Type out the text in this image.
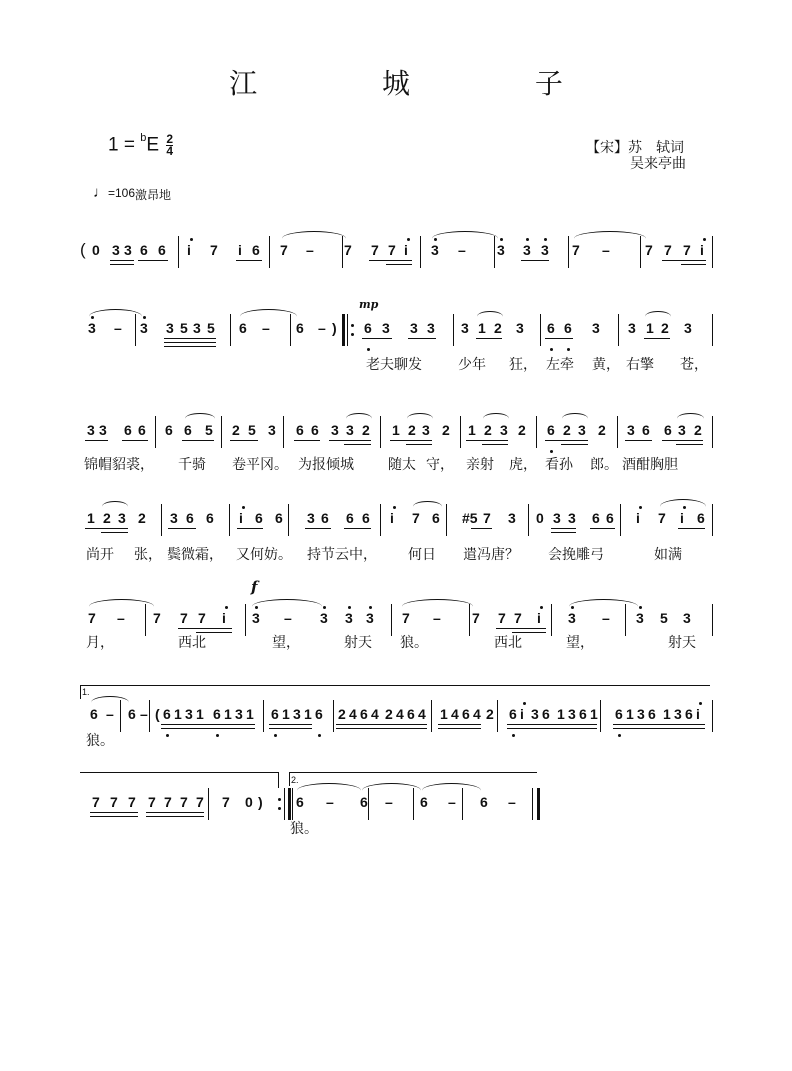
江 城 子
$1 = ^bE \frac{2}{4}$	【宋】苏　轼词
吴来亭曲
♩=106 激昂地
mp
f
1.
2.
0 3 3 6 6 i 7 i 6 7 – 7 7 7 i 3 – 3 3 3 7 –	7 7 7 i
(
3 – 3 3 5 3 5 6 – 6 – ) 6 3 3 3 3 1 2 3 6 6 3 3 1 2 3
老夫聊发	少年 狂， 左牵 黄， 右擎 苍，
3 3 6 6 6 6 5 2 5 3 6 6 3 3 2 1 2 3 2 1 2 3 2 6 2 3 2 3 6 6 3 2
锦帽貂裘， 千骑 卷平冈。 为报倾城 随太 守， 亲射 虎， 看孙 郎。 酒酣胸胆
1 2 3 2 3 6 6 i 6 6 3 6 6 6 i 7 6 #5 7 3 0 3 3 6 6 i 7 i 6
尚开 张， 鬓微霜， 又何妨。 持节云中， 何日 遣冯唐？ 会挽雕弓	如满
7 – 7 7 7 i 3 – 3 3 3 7 – 7 7 7 i 3 – 3 5 3
月，	西北	望，	射天 狼。	西北	望，	射天
6 – 6 – ( 6 1 3 1 6 1 3 1 6 1 3 1 6 2 4 6 4 2 4 6 4 1 4 6 4 2 6 i 3 6 1 3 6 1 6 1 3 6 1 3 6 i
狼。
7 7 7 7 7 7 7 7 0 ) 6 – 6 – 6 – 6 –
狼。
